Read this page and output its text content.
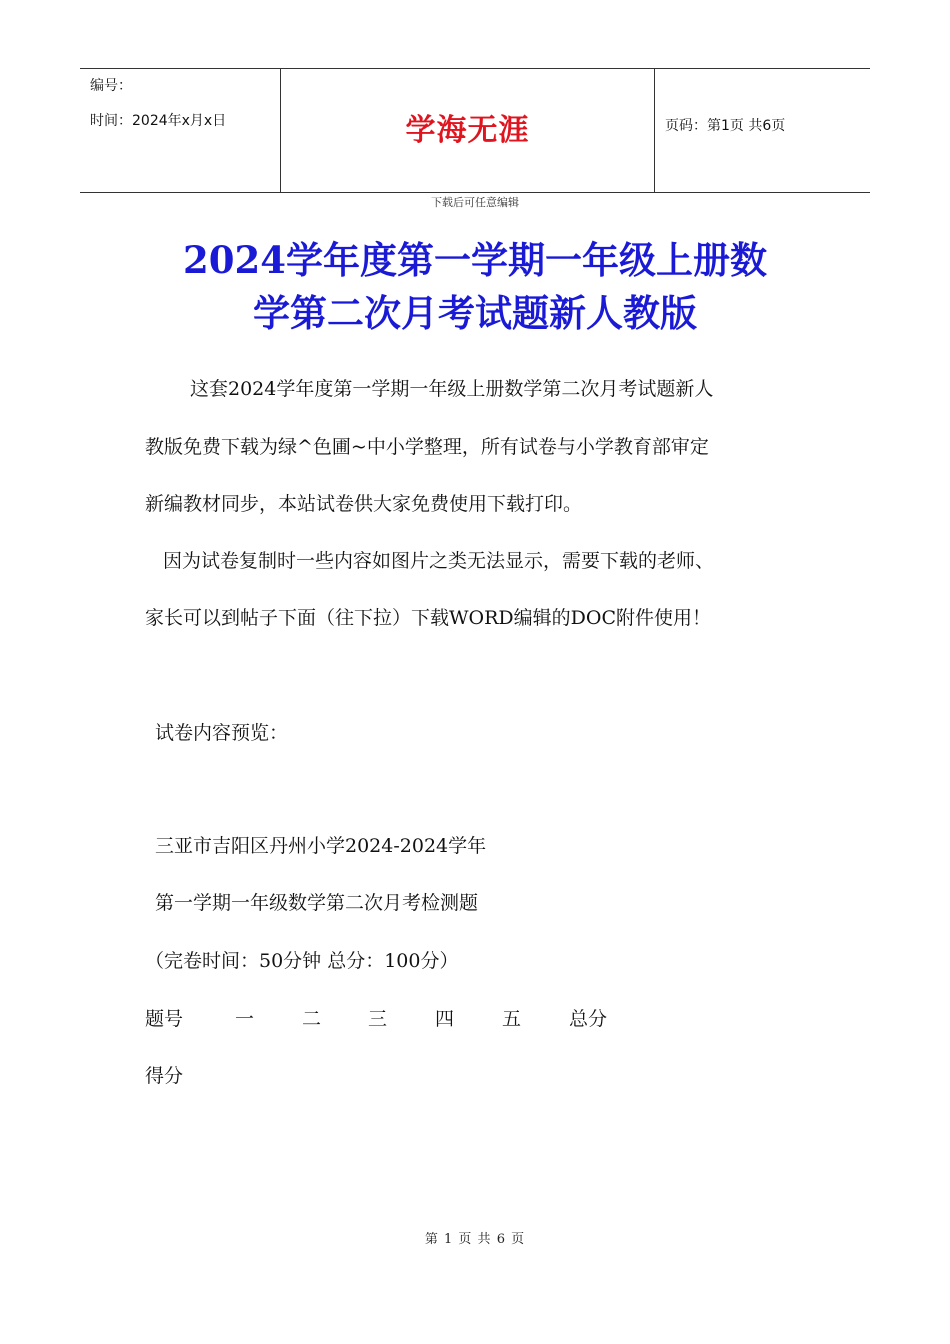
编号：
时间：2024年x月x日	学海无涯	页码：第1页 共6页
下载后可任意编辑
2024学年度第一学期一年级上册数
学第二次月考试题新人教版
这套2024学年度第一学期一年级上册数学第二次月考试题新人
教版免费下载为绿^色圃~中小学整理，所有试卷与小学教育部审定
新编教材同步，本站试卷供大家免费使用下载打印。
因为试卷复制时一些内容如图片之类无法显示，需要下载的老师、
家长可以到帖子下面（往下拉）下载WORD编辑的DOC附件使用！
试卷内容预览：
三亚市吉阳区丹州小学2024-2024学年
第一学期一年级数学第二次月考检测题
（完卷时间：50分钟 总分：100分）
题号	一	二 三	四	五	总分
得分
第 1 页 共 6 页
